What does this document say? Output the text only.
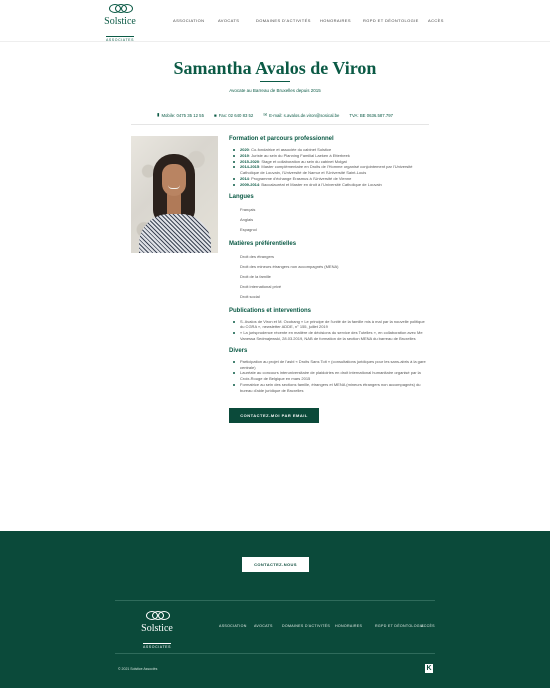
Solstice
ASSOCIATES
ASSOCIATION	AVOCATS	DOMAINES D'ACTIVITÉS HONORAIRES	RGPD ET DÉONTOLOGIE ACCÈS
Samantha Avalos de Viron
Avocate au Barreau de Bruxelles depuis 2015
▮ Mobile: 0475 35 12 55 ■ Fax: 02 640 83 52 ✉ E-mail: s.avalos.de.viron@sosical.be TVA: BE 0636.587.797
Formation et parcours professionnel
2020: Co-fondatrice et associée du cabinet Solstice
2019: Juriste au sein du Planning Familial Laeken à Etterbeek
2015-2020: Stage et collaboration au sein du cabinet Molgat
2014-2015: Master complémentaire en Droits de l'Homme organisé conjointement par l'Université Catholique de Louvain, l'Université de Namur et l'Université Saint-Louis
2014: Programme d'échange Erasmus à l'Université de Vienne
2009-2014: Baccalauréat et Master en droit à l'Université Catholique de Louvain
Langues
Français
Anglais
Espagnol
Matières préférentielles
Droit des étrangers
Droit des mineurs étrangers non accompagnés (MENA)
Droit de la famille
Droit international privé
Droit social
Publications et interventions
S. Avalos de Viron et M. Ocobang « Le principe de l'unité de la famille mis à mal par la nouvelle politique du CGRA », newsletter ADDE, n° 155, juillet 2019
« La jurisprudence récente en matière de décisions du service des Tutelles », en collaboration avec Me Vanessa Sedmajewski, 28.03.2019, NAB de formation de la section MENA du barreau de Bruxelles
Divers
Participation au projet de l'asbl « Droits Sans Toit » (consultations juridiques pour les sans-abris à la gare centrale)
Lauréate au concours interuniversitaire de plaidoiries en droit international humanitaire organisé par la Croix-Rouge de Belgique en mars 2015
Formatrice au sein des sections famille, étrangers et MENA (mineurs étrangers non accompagnés) du bureau d'aide juridique de Bruxelles
CONTACTEZ-MOI PAR EMAIL
CONTACTEZ-NOUS
Solstice
ASSOCIATES
ASSOCIATION AVOCATS	DOMAINES D'ACTIVITÉS HONORAIRES	RGPD ET DÉONTOLOGIE
ACCÈS
© 2021 Solstice Associés	K
